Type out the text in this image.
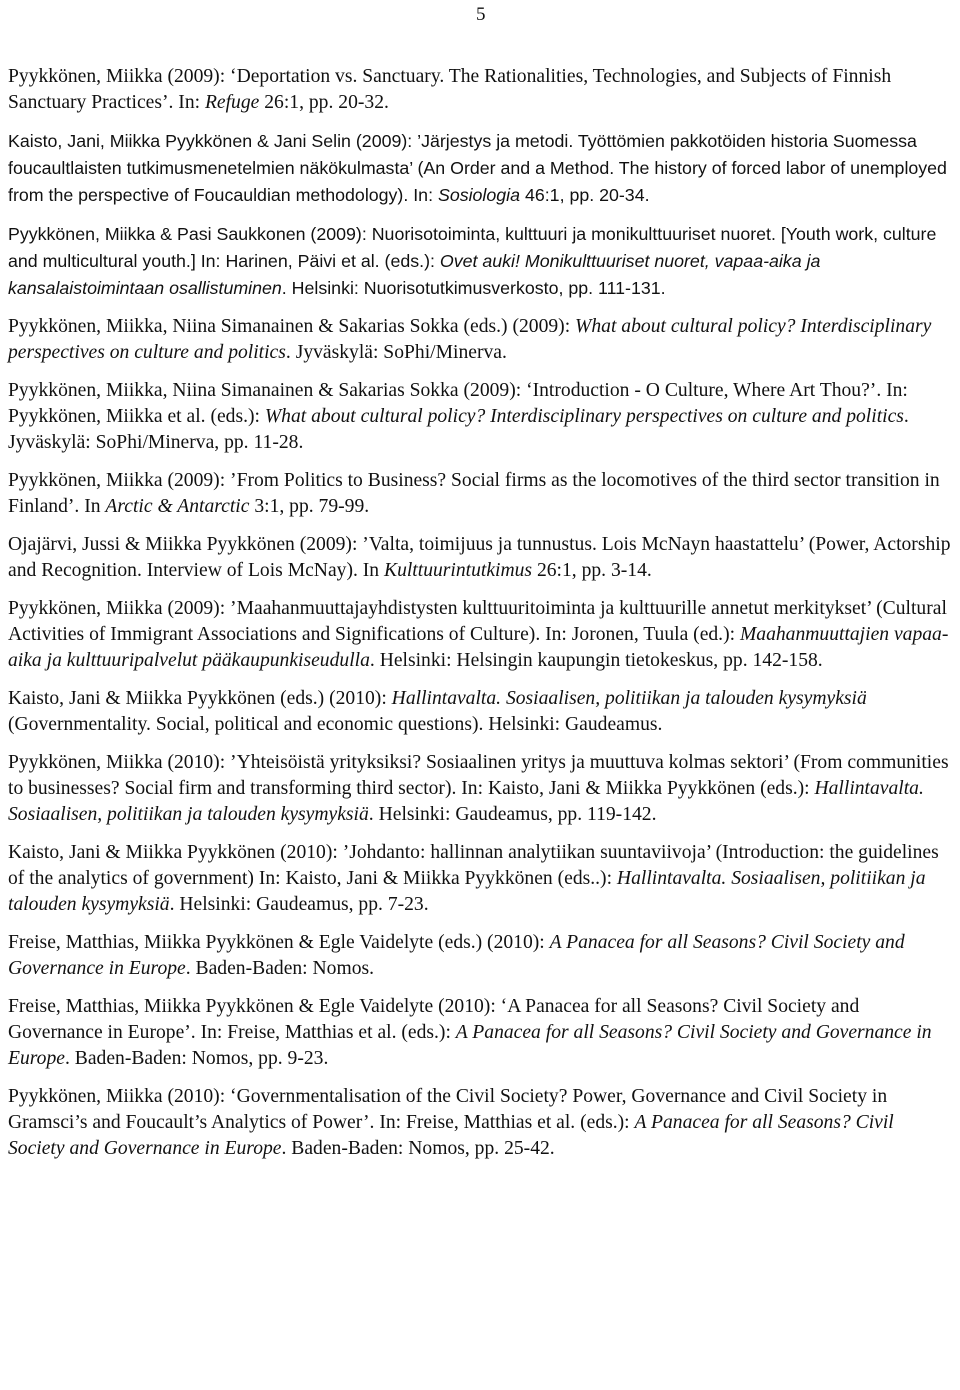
5
Pyykkönen, Miikka (2009): ‘Deportation vs. Sanctuary. The Rationalities, Technologies, and Subjects of Finnish Sanctuary Practices’. In: Refuge 26:1, pp. 20-32.
Kaisto, Jani, Miikka Pyykkönen & Jani Selin (2009): ’Järjestys ja metodi. Työttömien pakkotöiden historia Suomessa foucaultlaisten tutkimusmenetelmien näkökulmasta’ (An Order and a Method. The history of forced labor of unemployed from the perspective of Foucauldian methodology). In: Sosiologia 46:1, pp. 20-34.
Pyykkönen, Miikka & Pasi Saukkonen (2009): Nuorisotoiminta, kulttuuri ja monikulttuuriset nuoret. [Youth work, culture and multicultural youth.] In: Harinen, Päivi et al. (eds.): Ovet auki! Monikulttuuriset nuoret, vapaa-aika ja kansalaistoimintaan osallistuminen. Helsinki: Nuorisotutkimusverkosto, pp. 111-131.
Pyykkönen, Miikka, Niina Simanainen & Sakarias Sokka (eds.) (2009): What about cultural policy? Interdisciplinary perspectives on culture and politics. Jyväskylä: SoPhi/Minerva.
Pyykkönen, Miikka, Niina Simanainen & Sakarias Sokka (2009): ‘Introduction - O Culture, Where Art Thou?’. In: Pyykkönen, Miikka et al. (eds.): What about cultural policy? Interdisciplinary perspectives on culture and politics. Jyväskylä: SoPhi/Minerva, pp. 11-28.
Pyykkönen, Miikka (2009): ’From Politics to Business? Social firms as the locomotives of the third sector transition in Finland’. In Arctic & Antarctic 3:1, pp. 79-99.
Ojajärvi, Jussi & Miikka Pyykkönen (2009): ’Valta, toimijuus ja tunnustus. Lois McNayn haastattelu’ (Power, Actorship and Recognition. Interview of Lois McNay). In Kulttuurintutkimus 26:1, pp. 3-14.
Pyykkönen, Miikka (2009): ’Maahanmuuttajayhdistysten kulttuuritoiminta ja kulttuurille annetut merkitykset’ (Cultural Activities of Immigrant Associations and Significations of Culture). In: Joronen, Tuula (ed.): Maahanmuuttajien vapaa-aika ja kulttuuripalvelut pääkaupunkiseudulla. Helsinki: Helsingin kaupungin tietokeskus, pp. 142-158.
Kaisto, Jani & Miikka Pyykkönen (eds.) (2010): Hallintavalta. Sosiaalisen, politiikan ja talouden kysymyksiä (Governmentality. Social, political and economic questions). Helsinki: Gaudeamus.
Pyykkönen, Miikka (2010): ’Yhteisöistä yrityksiksi? Sosiaalinen yritys ja muuttuva kolmas sektori’ (From communities to businesses? Social firm and transforming third sector). In: Kaisto, Jani & Miikka Pyykkönen (eds.): Hallintavalta. Sosiaalisen, politiikan ja talouden kysymyksiä. Helsinki: Gaudeamus, pp. 119-142.
Kaisto, Jani & Miikka Pyykkönen (2010): ’Johdanto: hallinnan analytiikan suuntaviivoja’ (Introduction: the guidelines of the analytics of government) In: Kaisto, Jani & Miikka Pyykkönen (eds..): Hallintavalta. Sosiaalisen, politiikan ja talouden kysymyksiä. Helsinki: Gaudeamus, pp. 7-23.
Freise, Matthias, Miikka Pyykkönen & Egle Vaidelyte (eds.) (2010): A Panacea for all Seasons? Civil Society and Governance in Europe. Baden-Baden: Nomos.
Freise, Matthias, Miikka Pyykkönen & Egle Vaidelyte (2010): ‘A Panacea for all Seasons? Civil Society and Governance in Europe’. In: Freise, Matthias et al. (eds.): A Panacea for all Seasons? Civil Society and Governance in Europe. Baden-Baden: Nomos, pp. 9-23.
Pyykkönen, Miikka (2010): ‘Governmentalisation of the Civil Society? Power, Governance and Civil Society in Gramsci’s and Foucault’s Analytics of Power’. In: Freise, Matthias et al. (eds.): A Panacea for all Seasons? Civil Society and Governance in Europe. Baden-Baden: Nomos, pp. 25-42.
